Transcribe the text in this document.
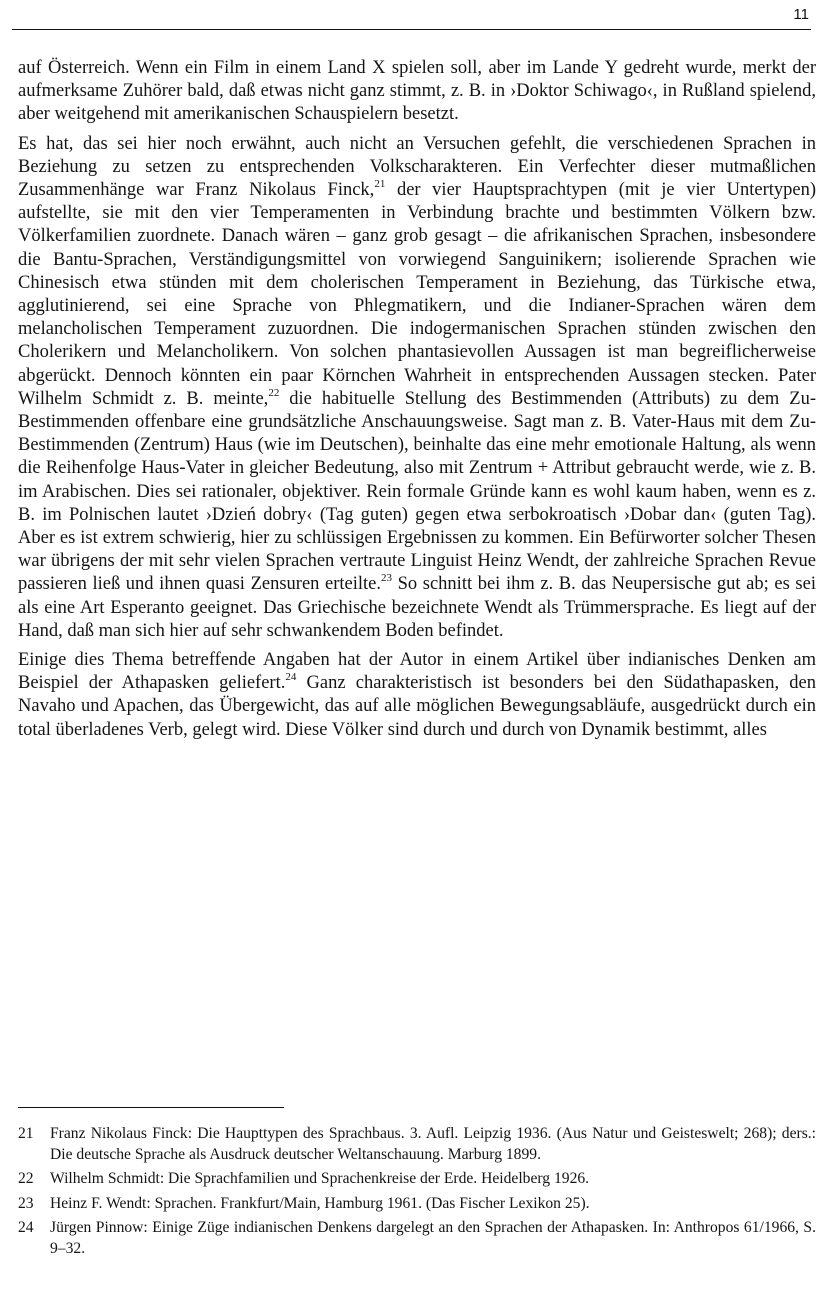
11

auf Österreich. Wenn ein Film in einem Land X spielen soll, aber im Lande Y gedreht wurde, merkt der aufmerksame Zuhörer bald, daß etwas nicht ganz stimmt, z. B. in ›Doktor Schiwago‹, in Rußland spielend, aber weitgehend mit amerikanischen Schauspielern besetzt.

Es hat, das sei hier noch erwähnt, auch nicht an Versuchen gefehlt, die verschiedenen Sprachen in Beziehung zu setzen zu entsprechenden Volkscharakteren. Ein Verfechter dieser mutmaßlichen Zusammenhänge war Franz Nikolaus Finck,$^{21}$ der vier Hauptsprachtypen (mit je vier Untertypen) aufstellte, sie mit den vier Temperamenten in Verbindung brachte und bestimmten Völkern bzw. Völkerfamilien zuordnete. Danach wären – ganz grob gesagt – die afrikanischen Sprachen, insbesondere die Bantu-Sprachen, Verständigungsmittel von vorwiegend Sanguinikern; isolierende Sprachen wie Chinesisch etwa stünden mit dem cholerischen Temperament in Beziehung, das Türkische etwa, agglutinierend, sei eine Sprache von Phlegmatikern, und die Indianer-Sprachen wären dem melancholischen Temperament zuzuordnen. Die indogermanischen Sprachen stünden zwischen den Cholerikern und Melancholikern. Von solchen phantasievollen Aussagen ist man begreiflicherweise abgerückt. Dennoch könnten ein paar Körnchen Wahrheit in entsprechenden Aussagen stecken. Pater Wilhelm Schmidt z. B. meinte,$^{22}$ die habituelle Stellung des Bestimmenden (Attributs) zu dem Zu-Bestimmenden offenbare eine grundsätzliche Anschauungsweise. Sagt man z. B. Vater-Haus mit dem Zu-Bestimmenden (Zentrum) Haus (wie im Deutschen), beinhalte das eine mehr emotionale Haltung, als wenn die Reihenfolge Haus-Vater in gleicher Bedeutung, also mit Zentrum + Attribut gebraucht werde, wie z. B. im Arabischen. Dies sei rationaler, objektiver. Rein formale Gründe kann es wohl kaum haben, wenn es z. B. im Polnischen lautet ›Dzień dobry‹ (Tag guten) gegen etwa serbokroatisch ›Dobar dan‹ (guten Tag). Aber es ist extrem schwierig, hier zu schlüssigen Ergebnissen zu kommen. Ein Befürworter solcher Thesen war übrigens der mit sehr vielen Sprachen vertraute Linguist Heinz Wendt, der zahlreiche Sprachen Revue passieren ließ und ihnen quasi Zensuren erteilte.$^{23}$ So schnitt bei ihm z. B. das Neupersische gut ab; es sei als eine Art Esperanto geeignet. Das Griechische bezeichnete Wendt als Trümmersprache. Es liegt auf der Hand, daß man sich hier auf sehr schwankendem Boden befindet.

Einige dies Thema betreffende Angaben hat der Autor in einem Artikel über indianisches Denken am Beispiel der Athapasken geliefert.$^{24}$ Ganz charakteristisch ist besonders bei den Südathapasken, den Navaho und Apachen, das Übergewicht, das auf alle möglichen Bewegungsabläufe, ausgedrückt durch ein total überladenes Verb, gelegt wird. Diese Völker sind durch und durch von Dynamik bestimmt, alles

21	Franz Nikolaus Finck: Die Haupttypen des Sprachbaus. 3. Aufl. Leipzig 1936. (Aus Natur und Geisteswelt; 268); ders.: Die deutsche Sprache als Ausdruck deutscher Weltanschauung. Marburg 1899.
22	Wilhelm Schmidt: Die Sprachfamilien und Sprachenkreise der Erde. Heidelberg 1926.
23	Heinz F. Wendt: Sprachen. Frankfurt/Main, Hamburg 1961. (Das Fischer Lexikon 25).
24	Jürgen Pinnow: Einige Züge indianischen Denkens dargelegt an den Sprachen der Athapasken. In: Anthropos 61/1966, S. 9–32.
